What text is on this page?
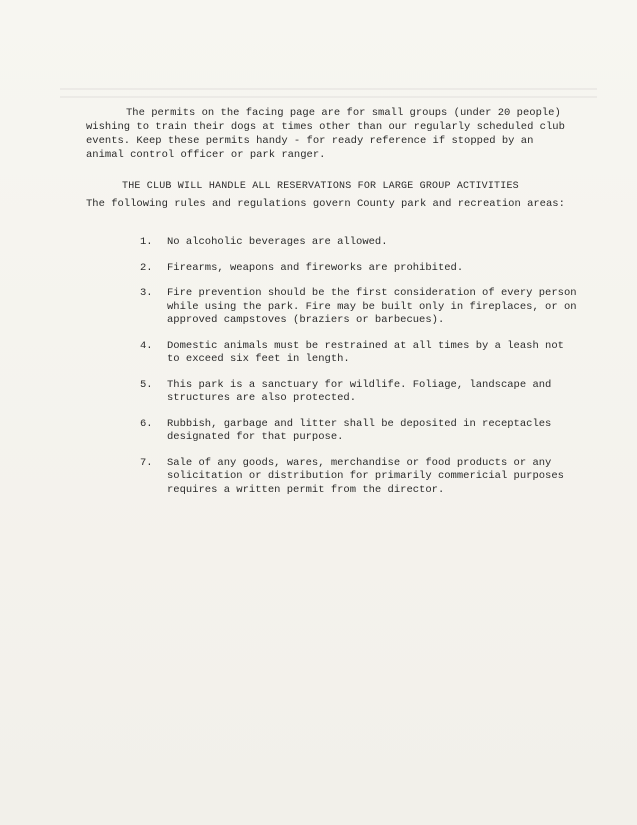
The permits on the facing page are for small groups (under 20 people)
wishing to train their dogs at times other than our regularly scheduled club
events. Keep these permits handy - for ready reference if stopped by an
animal control officer or park ranger.

THE CLUB WILL HANDLE ALL RESERVATIONS FOR LARGE GROUP ACTIVITIES
The following rules and regulations govern County park and recreation areas:
1.	No alcoholic beverages are allowed.
2.	Firearms, weapons and fireworks are prohibited.
3.	Fire prevention should be the first consideration of every person
while using the park. Fire may be built only in fireplaces, or on
approved campstoves (braziers or barbecues).
4.	Domestic animals must be restrained at all times by a leash not
to exceed six feet in length.
5.	This park is a sanctuary for wildlife. Foliage, landscape and
structures are also protected.
6.	Rubbish, garbage and litter shall be deposited in receptacles
designated for that purpose.
7.	Sale of any goods, wares, merchandise or food products or any
solicitation or distribution for primarily commericial purposes
requires a written permit from the director.
